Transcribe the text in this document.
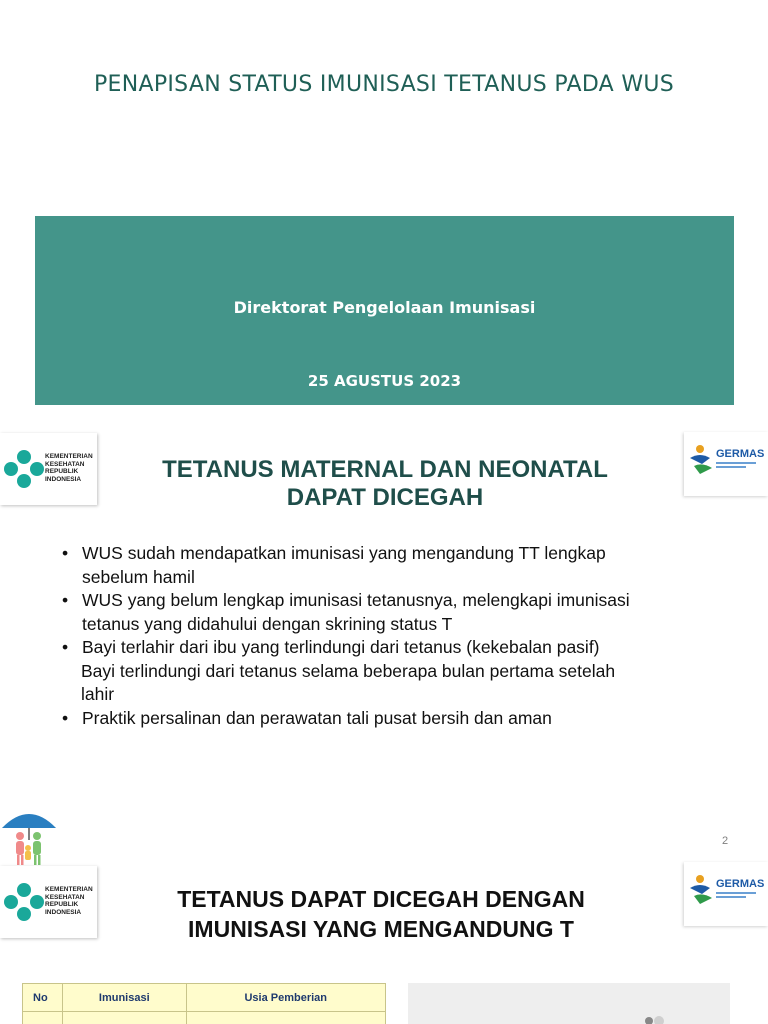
PENAPISAN STATUS IMUNISASI TETANUS PADA WUS
Direktorat Pengelolaan Imunisasi
25 AGUSTUS 2023
KEMENTERIAN
KESEHATAN
REPUBLIK
INDONESIA
GERMAS
TETANUS MATERNAL DAN NEONATAL
DAPAT DICEGAH
• WUS sudah mendapatkan imunisasi yang mengandung TT lengkap
sebelum hamil
• WUS yang belum lengkap imunisasi tetanusnya, melengkapi imunisasi
tetanus yang didahului dengan skrining status T
• Bayi terlahir dari ibu yang terlindungi dari tetanus (kekebalan pasif)
Bayi terlindungi dari tetanus selama beberapa bulan pertama setelah
lahir
• Praktik persalinan dan perawatan tali pusat bersih dan aman
2
KEMENTERIAN
KESEHATAN
REPUBLIK
INDONESIA
GERMAS
TETANUS DAPAT DICEGAH DENGAN
IMUNISASI YANG MENGANDUNG T
No	Imunisasi	Usia Pemberian
